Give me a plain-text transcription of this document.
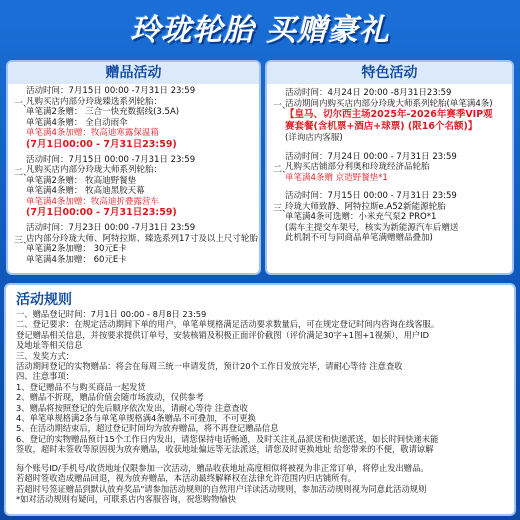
玲珑轮胎 买赠豪礼
赠品活动
一、
活动时间：7月15日 00:00 -7月31日 23:59
凡购买店内部分玲珑臻选系列轮胎：
单笔满2条赠： 三合一快充数据线(3.5A)
单笔满4条赠： 全自动雨伞
单笔满4条加赠：牧高迪寒露保温箱
(7月1日00:00 - 7月31日23:59)
二、
活动时间：7月15日 00:00 -7月31日 23:59
凡购买店内部分玲珑大师系列轮胎：
单笔满2条赠： 牧高迪野餐垫
单笔满4条赠： 牧高迪黑胶天幕
单笔满4条加赠：牧高迪折叠露营车
(7月1日00:00 - 7月31日23:59)
三、
活动时间：7月23日 00:00 -7月31日 23:59
店内部分玲珑大师、阿特拉斯、臻选系列17寸及以上尺寸轮胎
单笔满2条加赠： 30元E卡
单笔满4条加赠： 60元E卡
特色活动
一、
活动时间：4月24日 20:00 -8月31日23:59
活动期间内购买店内部分玲珑大师系列轮胎(单笔满4条)
【皇马、切尔西主场2025年-2026年赛季VIP观
赛套餐(含机票+酒店+球票) (限16个名额)】
(详询店内客服)
二、
活动时间：7月24日 00:00 - 7月31日 23:59
凡购买店铺部分利奥和玲珑经济品轮胎
单笔满4条赠 京造野餐垫*1
三、
活动时间：7月15日 00:00 - 7月31日 23:59
玲珑大师致静、阿特拉斯e.A52新能源轮胎
单笔满4条可选赠：小米充气泵2 PRO*1
(需车主提交车架号，核实为新能源汽车后赠送
此机制不可与同商品单笔满赠赠品叠加)
活动规则
一、赠品登记时间：7月1日 00:00 - 8月8日 23:59
二、登记要求：在规定活动期间下单的用户，单笔单规格满足活动要求数量后，可在规定登记时间内咨询在线客服。
登记赠品相关信息，并按要求提供订单号，安装核销及积极正面评价截图（评价满足30字+1图+1视频），用户ID
及地址等相关信息
三、发奖方式：
活动期间登记的实物赠品：将会在每周三统一申请发货，预计20个工作日发放完毕，请耐心等待 注意查收
四、注意事项：
1、登记赠品不与购买商品一起发货
2、赠品不折现，赠品价值会随市场波动，仅供参考
3、赠品将按照登记的先后顺序依次发出，请耐心等待 注意查收
4、单笔单规格满2条与单笔单规格满4条赠品不可叠加，不可更换
5、在活动期结束后，超过登记时间均为放弃赠品，将不再登记赠品信息
6、登记的实物赠品预计15个工作日内发出，请您保持电话畅通，及时关注礼品派送和快递派送，如长时间快递未能
签收，超时未签收等原因视为放弃赠品，收获地址偏远等无法派送，请您及时更换地址 给您带来的不便，敬请谅解
每个账号ID/手机号/收货地址仅限参加一次活动，赠品收获地址高度相似将被视为非正常订单，将停止发出赠品。
若超时签收造成赠品回退，视为放弃赠品，本活动最终解释权在法律允许范围内归店铺所有。
若超时号签证赠品到默认放弃奖品"请参加活动规则的自然用户详读活动规则，参加活动规则视为同意此活动规则
*如对活动规则有疑问，可联系店内客服咨询，祝您购物愉快
